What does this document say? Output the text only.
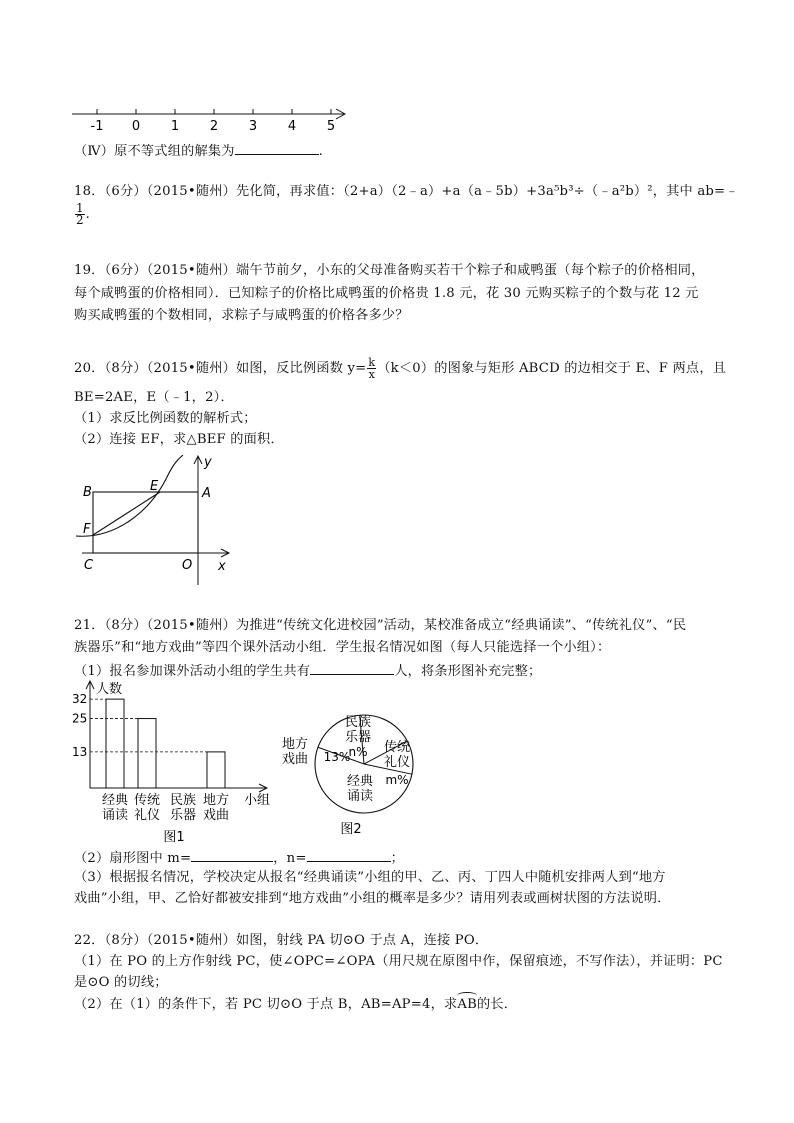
-1 0 1 2 3 4 5
（Ⅳ）原不等式组的解集为	.
18．（6分）（2015•随州）先化简，再求值：（2+a）（2﹣a）+a（a﹣5b）+3a⁵b³÷（﹣a²b）²，其中 ab=﹣
$\frac{1}{2}$ .
19．（6分）（2015•随州）端午节前夕，小东的父母准备购买若干个粽子和咸鸭蛋（每个粽子的价格相同，
每个咸鸭蛋的价格相同）．已知粽子的价格比咸鸭蛋的价格贵 1.8 元，花 30 元购买粽子的个数与花 12 元
购买咸鸭蛋的个数相同，求粽子与咸鸭蛋的价格各多少？
20．（8分）（2015•随州）如图，反比例函数 $y= \frac{k}{x} (k<0)$的图象与矩形 ABCD 的边相交于 E、F 两点，且
BE=2AE，E（﹣1，2）．
（1）求反比例函数的解析式；
（2）连接 EF，求△BEF 的面积．
B	E	A
F
C	O x
y
21．（8分）（2015•随州）为推进“传统文化进校园”活动，某校准备成立“经典诵读”、“传统礼仪”、“民
族器乐”和“地方戏曲”等四个课外活动小组．学生报名情况如图（每人只能选择一个小组）：
（1）报名参加课外活动小组的学生共有	人，将条形图补充完整；
人数
小组
32
25
13
经典
诵读
传统
礼仪
民族
乐器
地方
戏曲
图1
民族
乐器
n% 传统
礼仪
m%
经典
诵读
地方
戏曲 13%
图2
（2）扇形图中 m=	，n=	；
（3）根据报名情况，学校决定从报名“经典诵读”小组的甲、乙、丙、丁四人中随机安排两人到“地方
戏曲”小组，甲、乙恰好都被安排到“地方戏曲”小组的概率是多少？请用列表或画树状图的方法说明．
22．（8分）（2015•随州）如图，射线 PA 切⊙O 于点 A，连接 PO．
（1）在 PO 的上方作射线 PC，使∠OPC=∠OPA（用尺规在原图中作，保留痕迹，不写作法），并证明：PC
是⊙O 的切线；
（2）在（1）的条件下，若 PC 切⊙O 于点 B，AB=AP=4，求AB的长．
